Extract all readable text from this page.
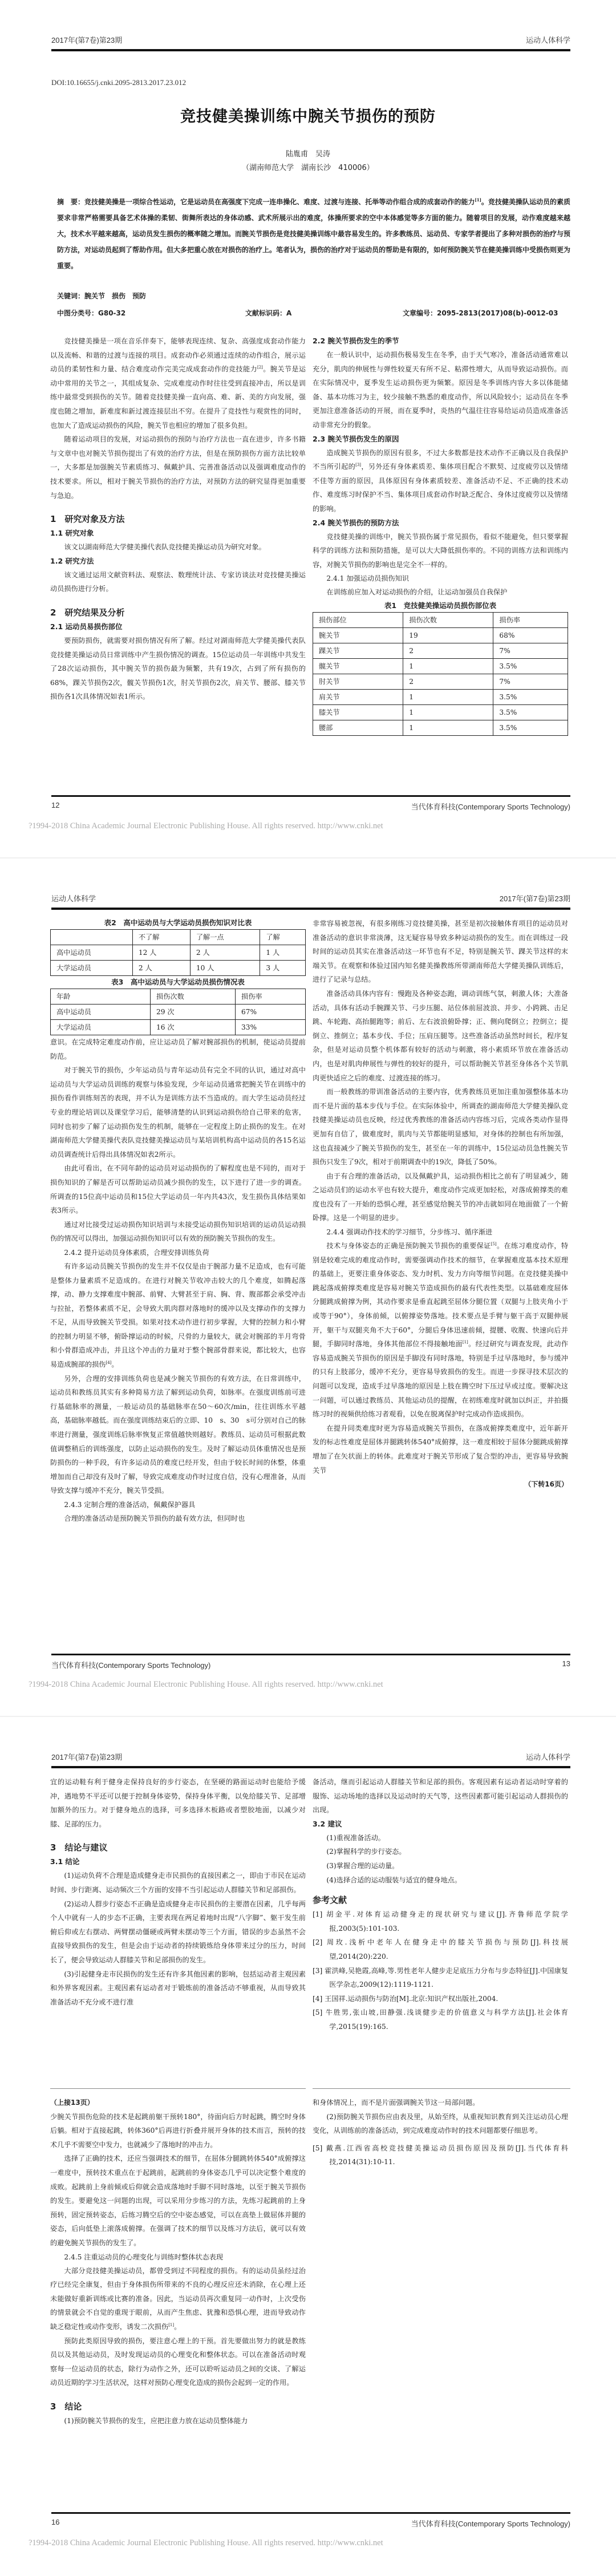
2017年(第7卷)第23期	运动人体科学
DOI:10.16655/j.cnki.2095-2813.2017.23.012
竞技健美操训练中腕关节损伤的预防
陆胤甫　吴涛
（湖南师范大学　湖南长沙　410006）
摘　要：竞技健美操是一项综合性运动，它是运动员在高强度下完成一连串操化、难度、过渡与连接、托举等动作组合成的成套动作的能力[1]。竞技健美操队运动员的素质要求非常严格需要具备艺术体操的柔韧、街舞所表达的身体动感、武术所展示出的难度，体操所要求的空中本体感觉等多方面的能力。随着项目的发展，动作难度越来越大，技术水平越来越高，运动员发生损伤的概率随之增加。而腕关节损伤是竞技健美操训练中最容易发生的。许多教练员、运动员、专家学者提出了多种对损伤的治疗与预防方法，对运动员起到了帮助作用。但大多把重心放在对损伤的治疗上。笔者认为，损伤的治疗对于运动员的帮助是有限的，如何预防腕关节在健美操训练中受损伤则更为重要。
关键词：腕关节　损伤　预防
中图分类号：G80-32	文献标识码：A	文章编号：2095-2813(2017)08(b)-0012-03

竞技健美操是一项在音乐伴奏下，能够表现连续、复杂、高强度成套动作能力以及流畅、和谐的过渡与连接的项目。成套动作必须通过连续的动作组合，展示运动员的柔韧性和力量、结合难度动作完美完成成套动作的竞技能力[2]。腕关节是运动中常用的关节之一，其组成复杂、完成难度动作时往往受到直接冲击，所以是训练中最常受到损伤的关节。随着竞技健美操一直向高、难、新、美的方向发展，强度也随之增加，新难度和新过渡连接层出不穷。在提升了竞技性与观赏性的同时，也加大了造成运动损伤的风险，腕关节也相应的增加了很多负担。

随着运动项目的发展，对运动损伤的预防与治疗方法也一直在进步，许多书籍与文章中也对腕关节损伤提出了有效的治疗方法，但是在预防损伤方面方法比较单一，大多都是加强腕关节素质练习、佩戴护具、完善准备活动以及强调难度动作的技术要求。所以，相对于腕关节损伤的治疗方法，对预防方法的研究显得更加重要与急迫。

1　研究对象及方法
1.1 研究对象

该文以湖南师范大学健美操代表队竞技健美操运动员为研究对象。

1.2 研究方法

该文通过运用文献资料法、观察法、数理统计法、专家访谈法对竞技健美操运动员损伤进行分析。

2　研究结果及分析
2.1 运动员易损伤部位

要预防损伤，就需要对损伤情况有所了解。经过对湖南师范大学健美操代表队竞技健美操运动员日常训练中产生损伤情况的调查。15位运动员一年训练中共发生了28次运动损伤，其中腕关节的损伤最为频繁，共有19次，占到了所有损伤的68%，踝关节损伤2次，髋关节损伤1次，肘关节损伤2次，肩关节、腰部、膝关节损伤各1次具体情况如表1所示。

2.2 腕关节损伤发生的季节

在一般认识中，运动损伤极易发生在冬季，由于天气寒冷，准备活动通常难以充分，肌肉的伸展性与弹性较夏天有所不足、粘滞性增大，从而导致运动损伤。而在实际情况中，夏季发生运动损伤更为频繁。原因是冬季训练内容大多以体能储备、基本功练习为主，较少接触不熟悉的难度动作，所以风险较小；运动员在冬季更加注意准备活动的开展，而在夏季时，炎热的气温往往容易给运动员造成准备活动非常充分的假象。

2.3 腕关节损伤发生的原因

造成腕关节损伤的原因有很多，不过大多数都是技术动作不正确以及自我保护不当所引起的[3]，另外还有身体素质差、集体项目配合不默契、过度疲劳以及情绪不佳等方面的原因，具体原因有身体素质较差、准备活动不足、不正确的技术动作、难度练习时保护不当、集体项目成套动作时缺乏配合、身体过度疲劳以及情绪的影响。

2.4 腕关节损伤的预防方法

竞技健美操的训练中，腕关节损伤属于常见损伤，看似不能避免，但只要掌握科学的训练方法和预防措施，是可以大大降低损伤率的。不同的训练方法和训练内容，对腕关节损伤的影响也是完全不一样的。

2.4.1 加强运动员损伤知识

在训练前应加入对运动损伤的介绍，让运动加强员自我保护

表1　竞技健美操运动员损伤部位表
损伤部位	损伤次数	损伤率
腕关节	19	68%
踝关节	2	7%
髋关节	1	3.5%
肘关节	2	7%
肩关节	1	3.5%
膝关节	1	3.5%
腰部	1	3.5%
12	当代体育科技(Contemporary Sports Technology)
?1994-2018 China Academic Journal Electronic Publishing House. All rights reserved. http://www.cnki.net
运动人体科学	2017年(第7卷)第23期
表2　高中运动员与大学运动员损伤知识对比表
	不了解	了解一点	了解
高中运动员	12 人	2 人	1 人
大学运动员	2 人	10 人	3 人
表3　高中运动员与大学运动员损伤情况表
年龄	损伤次数	损伤率
高中运动员	29 次	67%
大学运动员	16 次	33%

意识。在完成特定难度动作前，应让运动员了解对腕部损伤的机制，使运动员提前防范。

对于腕关节的损伤，少年运动员与青年运动员有完全不同的认识，通过对高中运动员与大学运动员训练的观察与体验发现，少年运动员通常把腕关节在训练中的损伤看作训练刻苦的表现，并不认为是训练方法不当造成的。而大学生运动员经过专业的理论培训以及课堂学习后，能够清楚的认识到运动损伤给自己带来的危害，同时也初步了解了运动损伤发生的机制，能够在一定程度上防止损伤的发生。在对湖南师范大学健美操代表队竞技健美操运动员与某培训机构高中运动员的各15名运动员调查统计后得出具体情况如表2所示。

由此可看出，在不同年龄的运动员对运动损伤的了解程度也是不同的，而对于损伤知识的了解是否可以帮助运动员减少损伤的发生，以下进行了进一步的调查。所调查的15位高中运动员和15位大学运动员一年内共43次，发生损伤具体结果如表3所示。

通过对比接受过运动损伤知识培训与未接受运动损伤知识培训的运动员运动损伤的情况可以得出，加强运动损伤知识可以有效的预防腕关节损伤的发生。

2.4.2 提升运动员身体素质，合理安排训练负荷

有许多运动员腕关节损伤的发生并不仅仅是由于腕部力量不足造成，也有可能是整体力量素质不足造成的。在进行对腕关节收冲击较大的几个难度，如腾起落撑，动、静力支撑难度中腕部、前臂、大臂甚至于肩、胸、背、腹部都会承受冲击与拉扯，若整体素质不足，会导致大肌肉群对落地时的缓冲以及支撑动作的支撑力不足，从而导致腕关节受损。如果对技术动作进行初步掌握，大臂的控制力和小臂的控制力明显不够，俯卧撑运动的时候，尺骨的力量较大，就会对腕部的半月弯骨和小骨群造成冲击，并且这个冲击的力量对于整个腕部骨群来说，都比较大，也容易造成腕部的损伤[4]。

另外，合理的安排训练负荷也是减少腕关节损伤的有效方法，在日常训练中，运动员和教练员其实有多种简易方法了解到运动负荷，如脉率。在强度训练前可进行基础脉率的测量，一般运动员的基础脉率在50～60次/min，往往训练水平越高，基础脉率越低。而在强度训练结束后的立即、10　s、30　s可分别对自己的脉率进行测量，强度训练后脉率恢复正常值越快则越好。教练员、运动员可根据此数值调整稍后的训练强度，以防止运动损伤的发生。及时了解运动员体重情况也是预防损伤的一种手段，有许多运动员的难度已经开发，但由于较长时间的休整，体重增加而自己却没有及时了解，导致完成难度动作时过度自信，没有心理准备，从而导致支撑与缓冲不充分，腕关节受损。

2.4.3 定制合理的准备活动，佩戴保护器具

合理的准备活动是预防腕关节损伤的最有效方法，但同时也

非常容易被忽视，有很多刚练习竞技健美操，甚至是初次接触体育项目的运动员对准备活动的意识非常淡薄，这无疑容易导致多种运动损伤的发生。而在训练过一段时间的运动员其实在准备活动这一环节也有不足，特别是腕关节、踝关节这样的末端关节。在观察和体验过国内知名健美操教练所带湖南师范大学健美操队训练后，进行了记录与总结。

准备活动具体内容有：慢跑及各种姿态跑，调动训练气氛，刺激人体；大准备活动，具体有活动手腕踝关节、弓步压腿、站位体前屈波浪、并步、小跨跳、击足跳、车轮跑、高抬腿跑等；前后、左右波浪俯卧撑；正、侧向爬倒立；控倒立；提倒立、推倒立；基本步伐、手位；压肩压腿等。这些准备活动虽然时间长，程序复杂，但是对运动员整个机体都有较好的活动与刺激，将小素质环节放在准备活动内，也是对肌肉伸展性与弹性的较好的提升，可以帮助腕关节甚至身体各个关节肌肉更快适应之后的难度、过渡连接的练习。

而一般教练的带训准备活动的主要内容，优秀教练员更加注重加强整体基本功而不是片面的基本步伐与手位。在实际体验中，所调查的湖南师范大学健美操队竞技健美操运动员也反映，经过优秀教练的准备活动内容练习后，完成各类动作显得更加有自信了，做难度时，肌肉与关节都能明显感知，对身体的控制也有所加强，这也直接减少了腕关节损伤的发生，甚至在一年的训练中，15位运动员急性腕关节损伤只发生了9次，相对于前期调查中的19次，降低了50%。

由于有合理的准备活动，以及佩戴护具，运动损伤相比之前有了明显减少，随之运动员们的运动水平也有较大提升，难度动作完成更加轻松，对落成俯撑类的难度也没有了一开始的恐惧心理，甚至感觉给腕关节的冲击就如同在地面做了一个俯卧撑。这是一个明显的进步。

2.4.4 强调动作技术的学习细节，分步练习、循序渐进

技术与身体姿态的正确是预防腕关节损伤的重要保证[5]。在练习难度动作，特别是较难完成的难度动作时，需要强调动作技术的细节，在掌握难度基本技术原理的基础上，更要注重身体姿态、发力时机、发力方向等细节问题。在竞技健美操中跳起落成俯撑类难度是容易对腕关节造成损伤的最有代表性类型。以基础难度屈体分腿跳成俯撑为例，其动作要求是垂直起跳至屈体分腿位置（双腿与上肢夹角小于或等于90°），身体前倾，以俯撑姿势落地。技术要点是手臂与躯干高于双腿伸展开，躯干与双腿夹角不大于60°，分腿后身体迅速前倾，提腰、收腹、快速向后并腿，手脚同时落地，身体其他部位不得接触地面[1]。经过研究与调查发现，此动作容易造成腕关节损伤的原因是手脚没有同时落地，特别是手过早落地时，参与缓冲的只有上肢部分，缓冲不充分，更容易导致损伤的发生。而进一步探寻技术层次的问题可以发现，造成手过早落地的原因是上肢在腾空时下压过早或过度。要解决这一问题，可以通过教练员、其他运动员的提醒，在初练难度时就加以纠正，并拍摄练习时的视频供给练习者观看，以免在脱离保护时完成动作造成损伤。

在提升同类难度时更为容易造成腕关节损伤，在落成俯撑类难度中，近年新开发的标志性难度是屈体并腿跳转体540°成俯撑，这一难度相较于屈体分腿跳成俯撑增加了在矢状面上的转体。此难度对于腕关节形成了复合型的冲击，更容易导致腕关节

（下转16页）
当代体育科技(Contemporary Sports Technology)	13
?1994-2018 China Academic Journal Electronic Publishing House. All rights reserved. http://www.cnki.net
2017年(第7卷)第23期	运动人体科学

宜的运动鞋有利于健身走保持良好的步行姿态，在坚硬的路面运动时也能给予缓冲，遇地势不平还可以便于控制身体姿势，保持身体平衡，以免给膝关节、足部增加额外的压力。对于健身地点的选择，可多选择木板路或者塑胶地面，以减少对膝、足部的压力。

3　结论与建议
3.1 结论

(1)运动负荷不合理是造成健身走市民损伤的直接因素之一，即由于市民在运动时间、步行距离、运动频次三个方面的安排不当引起运动人群膝关节和足部损伤。

(2)运动人群步行姿态不正确是造成健身走市民损伤的主要潜在因素，几乎每两个人中就有一人的步态不正确，主要表现在两足着地时出现“八字脚”、躯干发生前俯后仰或左右摆动、两臂摆动僵硬或两臂未摆动等三个方面，错误的步态虽然不会直接导致损伤的发生，但是会由于运动者的持续锻炼给身体带来过分的压力，时间长了，便会导致运动人群膝关节和足部损伤的发生。

(3)引起健身走市民损伤的发生还有许多其他因素的影响，包括运动者主观因素和外界客观因素。主观因素有运动者对于锻炼前的准备活动不够重视，从而导致其准备活动不充分或不进行准

备活动，继而引起运动人群膝关节和足部的损伤。客观因素有运动者运动时穿着的服饰、运动场地的选择以及运动时的天气等，这些因素都可能引起运动人群损伤的出现。

3.2 建议

(1)重视准备活动。

(2)掌握科学的步行姿态。

(3)掌握合理的运动量。

(4)选择合适的运动服装与适宜的健身地点。

参考文献

[1] 胡金平.对体育运动健身走的现状研究与建议[J].齐鲁师范学院学报,2003(5):101-103.

[2] 周玫.浅析中老年人在健身走中的膝关节损伤与预防[J].科技展望,2014(20):220.

[3] 霍洪峰,吴艳霞,高峰,等.男性老年人健步走足底压力分布与步态特征[J].中国康复医学杂志,2009(12):1119-1121.

[4] 王国祥.运动损伤与防治[M].北京:知识产权出版社,2004.

[5] 牛胜男,张山坡,田静强.浅谈健步走的价值意义与科学方法[J].社会体育学,2015(19):165.

（上接13页）

少腕关节损伤危险的技术是起跳前躯干预转180°，待面向后方时起跳，腾空时身体后躺。相对于直接起跳，转体360°后再进行折叠并展开身体的技术而言，预转的技术几乎不需要空中发力，也就减少了落地时的冲击力。

选择了正确的技术，还应当强调技术的细节，在屈体分腿跳转体540°成俯撑这一难度中，预转技术重点在于起跳前，起跳前的身体姿态几乎可以决定整个难度的成败。起跳前上身前倾或后仰就会造成落地时手脚不同时落地，以至于腕关节损伤的发生。要避免这一问题的出现，可以采用分步练习的方法，先练习起跳前的上身预转，固定预转姿态，后练习腾空后的空中姿态感觉，可以在高垫上做屈体并腿的姿态，后向低垫上滚落成俯撑。在强调了技术的细节以及练习方法后，就可以有效的避免腕关节损伤的发生了。

2.4.5 注重运动员的心理变化与训练时整体状态表现

大部分竞技健美操运动员，都曾受到过不同程度的损伤。有的运动员虽经过治疗已经完全康复，但由于身体损伤所带来的不良的心理反应还未消除，在心理上还未能做好重新训练或比赛的准备。因此，当运动员再次重复同一动作时，上次受伤的情景就会不自觉的重现于眼前，从而产生焦虑、犹豫和恐惧心理，进而导致动作缺乏稳定性或动作变形，诱发二次损伤[1]。

预防此类原因导致的损伤，要注意心理上的干预。首先要做出努力的就是教练员以及其他运动员，及时发现运动员的心理变化和整体状态。可以在准备活动时观察每一位运动员的状态，除行为动作之外，还可以聆听运动员之间的交谈、了解运动员近期的学习生活状况，这样对预防心理变化造成的损伤会起到一定的作用。

3　结论

(1)预防腕关节损伤的发生，应把注意力放在运动员整体能力

和身体情况上，而不是片面强调腕关节这一局部问题。

(2)预防腕关节损伤应由表及里，从始至终，从重视知识教育到关注运动员心理变化，从训练前的准备活动，到完成难度动作时的技术问题都要仔细思考。

[5] 戴燕.江西省高校竞技健美操运动员损伤原因及预防[J].当代体育科技,2014(31):10-11.

16	当代体育科技(Contemporary Sports Technology)
?1994-2018 China Academic Journal Electronic Publishing House. All rights reserved. http://www.cnki.net
